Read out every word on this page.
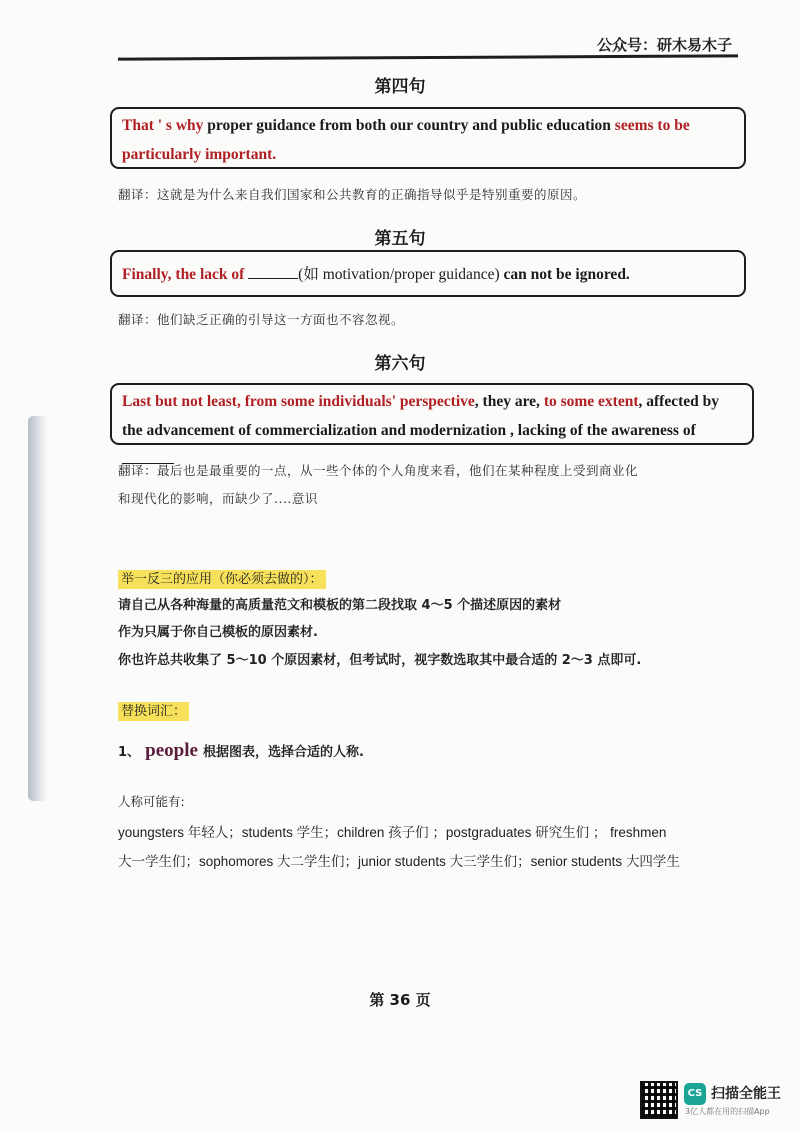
公众号：研木易木子
第四句
That ' s why proper guidance from both our country and public education seems to be particularly important.
翻译：这就是为什么来自我们国家和公共教育的正确指导似乎是特别重要的原因。
第五句
Finally, the lack of	(如 motivation/proper guidance) can not be ignored.
翻译：他们缺乏正确的引导这一方面也不容忽视。
第六句
Last but not least, from some individuals' perspective, they are, to some extent, affected by the advancement of commercialization and modernization , lacking of the awareness of
翻译：最后也是最重要的一点，从一些个体的个人角度来看，他们在某种程度上受到商业化
和现代化的影响，而缺少了....意识
举一反三的应用（你必须去做的）：
请自己从各种海量的高质量范文和模板的第二段找取 4～5 个描述原因的素材
作为只属于你自己模板的原因素材.
你也许总共收集了 5～10 个原因素材，但考试时，视字数选取其中最合适的 2～3 点即可.
替换词汇：
1、 people 根据图表，选择合适的人称.
人称可能有:
youngsters 年轻人；students 学生；children 孩子们 ；postgraduates 研究生们 ； freshmen
大一学生们；sophomores 大二学生们；junior students 大三学生们；senior students 大四学生
第 36 页
CS 扫描全能王
3亿人都在用的扫描App
